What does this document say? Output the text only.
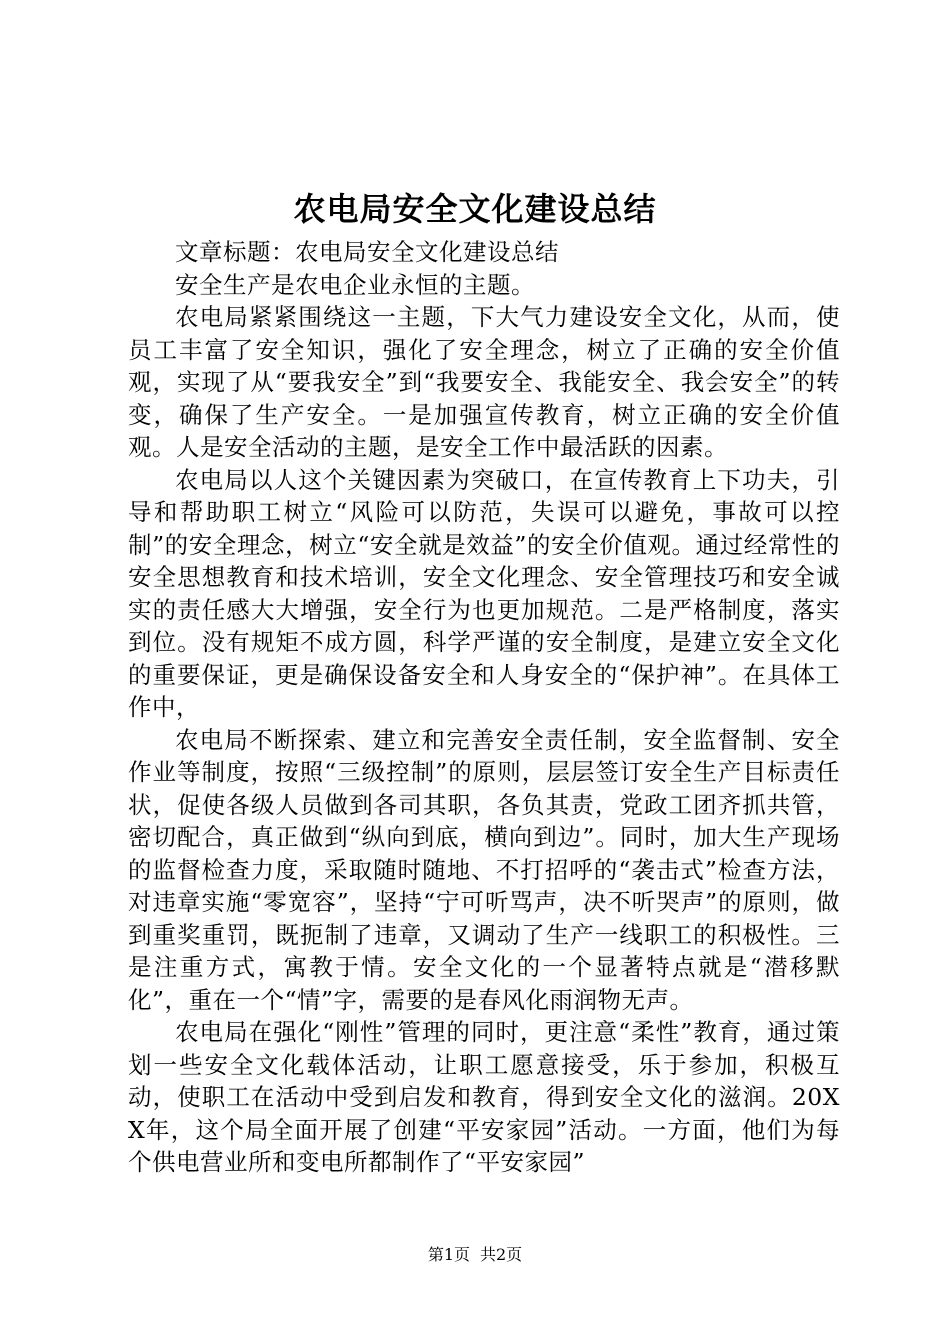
农电局安全文化建设总结

文章标题：农电局安全文化建设总结

安全生产是农电企业永恒的主题。

农电局紧紧围绕这一主题，下大气力建设安全文化，从而，使员工丰富了安全知识，强化了安全理念，树立了正确的安全价值观，实现了从“要我安全”到“我要安全、我能安全、我会安全”的转变，确保了生产安全。一是加强宣传教育，树立正确的安全价值观。人是安全活动的主题，是安全工作中最活跃的因素。

农电局以人这个关键因素为突破口，在宣传教育上下功夫，引导和帮助职工树立“风险可以防范，失误可以避免，事故可以控制”的安全理念，树立“安全就是效益”的安全价值观。通过经常性的安全思想教育和技术培训，安全文化理念、安全管理技巧和安全诚实的责任感大大增强，安全行为也更加规范。二是严格制度，落实到位。没有规矩不成方圆，科学严谨的安全制度，是建立安全文化的重要保证，更是确保设备安全和人身安全的“保护神”。在具体工作中，

农电局不断探索、建立和完善安全责任制，安全监督制、安全作业等制度，按照“三级控制”的原则，层层签订安全生产目标责任状，促使各级人员做到各司其职，各负其责，党政工团齐抓共管，密切配合，真正做到“纵向到底，横向到边”。同时，加大生产现场的监督检查力度，采取随时随地、不打招呼的“袭击式”检查方法，对违章实施“零宽容”，坚持“宁可听骂声，决不听哭声”的原则，做到重奖重罚，既扼制了违章，又调动了生产一线职工的积极性。三是注重方式，寓教于情。安全文化的一个显著特点就是“潜移默化”，重在一个“情”字，需要的是春风化雨润物无声。

农电局在强化“刚性”管理的同时，更注意“柔性”教育，通过策划一些安全文化载体活动，让职工愿意接受，乐于参加，积极互动，使职工在活动中受到启发和教育，得到安全文化的滋润。20XX年，这个局全面开展了创建“平安家园”活动。一方面，他们为每个供电营业所和变电所都制作了“平安家园”

第1页 共2页
